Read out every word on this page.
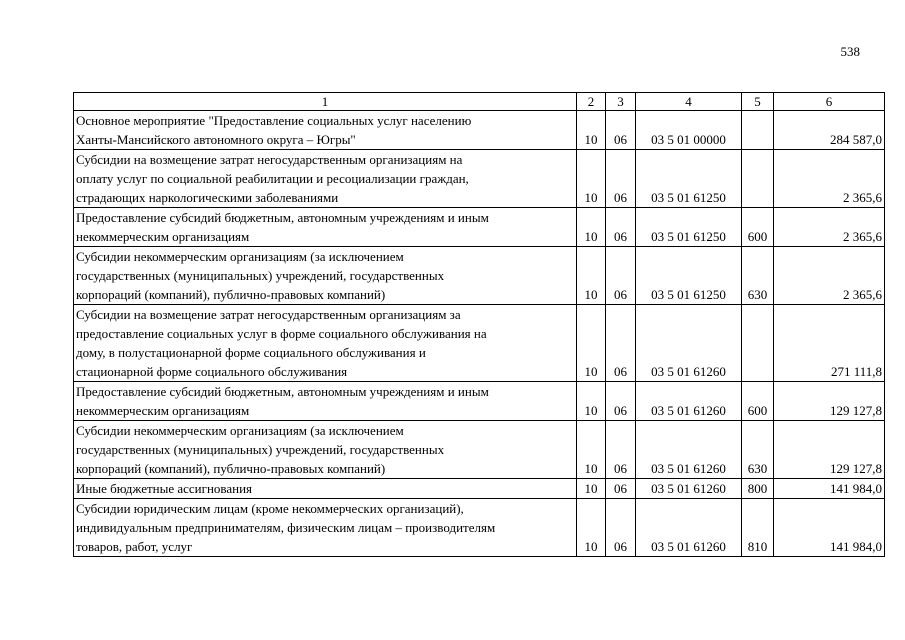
538
1	2	3	4	5	6

Основное мероприятие "Предоставление социальных услуг населению
Ханты-Мансийского автономного округа – Югры"	10	06	03 5 01 00000		284 587,0

Субсидии на возмещение затрат негосударственным организациям на
оплату услуг по социальной реабилитации и ресоциализации граждан,
страдающих наркологическими заболеваниями	10	06	03 5 01 61250		2 365,6

Предоставление субсидий бюджетным, автономным учреждениям и иным
некоммерческим организациям	10	06	03 5 01 61250	600	2 365,6

Субсидии некоммерческим организациям (за исключением
государственных (муниципальных) учреждений, государственных
корпораций (компаний), публично-правовых компаний)	10	06	03 5 01 61250	630	2 365,6

Субсидии на возмещение затрат негосударственным организациям за
предоставление социальных услуг в форме социального обслуживания на
дому, в полустационарной форме социального обслуживания и
стационарной форме социального обслуживания	10	06	03 5 01 61260		271 111,8

Предоставление субсидий бюджетным, автономным учреждениям и иным
некоммерческим организациям	10	06	03 5 01 61260	600	129 127,8

Субсидии некоммерческим организациям (за исключением
государственных (муниципальных) учреждений, государственных
корпораций (компаний), публично-правовых компаний)	10	06	03 5 01 61260	630	129 127,8

Иные бюджетные ассигнования	10	06	03 5 01 61260	800	141 984,0

Субсидии юридическим лицам (кроме некоммерческих организаций),
индивидуальным предпринимателям, физическим лицам – производителям
товаров, работ, услуг	10	06	03 5 01 61260	810	141 984,0
